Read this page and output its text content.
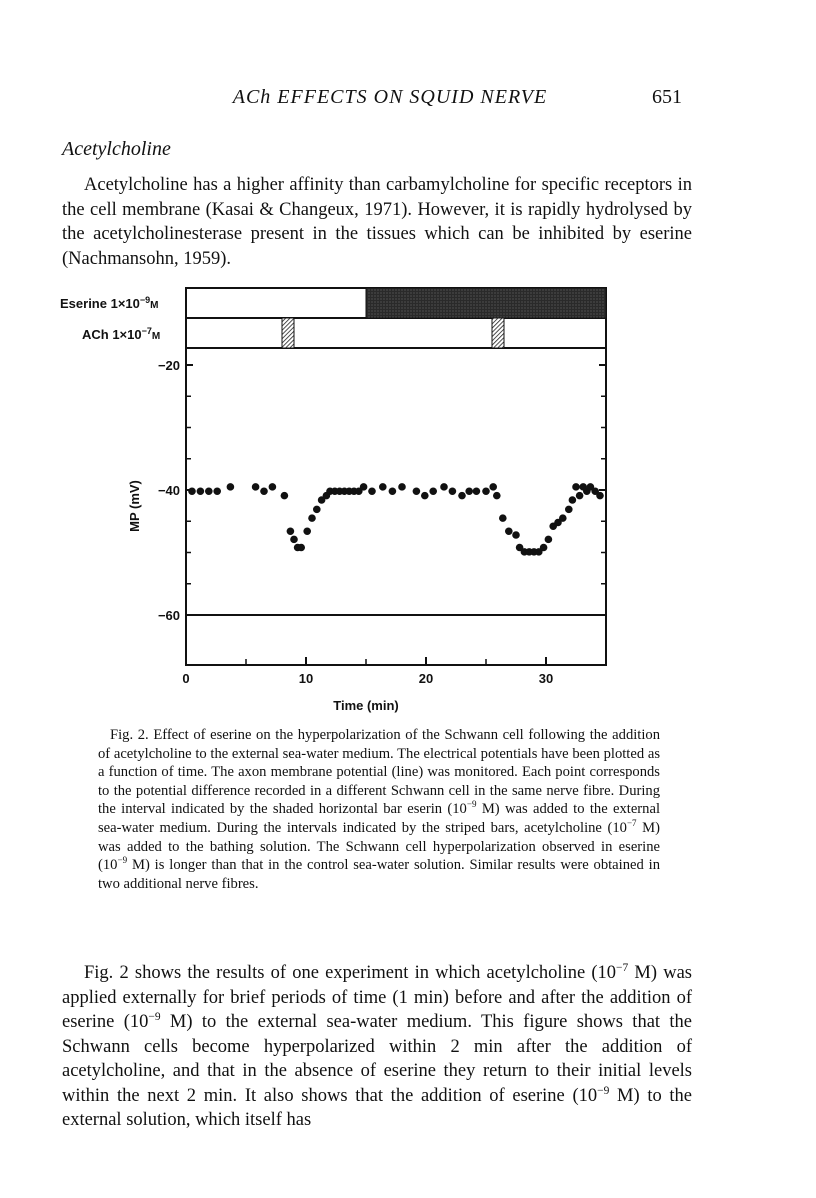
ACh EFFECTS ON SQUID NERVE	651
Acetylcholine

Acetylcholine has a higher affinity than carbamylcholine for specific receptors in the cell membrane (Kasai & Changeux, 1971). However, it is rapidly hydrolysed by the acetylcholinesterase present in the tissues which can be inhibited by eserine (Nachmansohn, 1959).

Eserine $1\times 10^{-9}_M$
ACh $1\times 10^{-7}_M$
−20
−40
−60
0	10	20	30
Time (min)
MP (mV)

Fig. 2. Effect of eserine on the hyperpolarization of the Schwann cell following the addition of acetylcholine to the external sea-water medium. The electrical potentials have been plotted as a function of time. The axon membrane potential (line) was monitored. Each point corresponds to the potential difference recorded in a different Schwann cell in the same nerve fibre. During the interval indicated by the shaded horizontal bar eserin ($10^{-9}$ M) was added to the external sea-water medium. During the intervals indicated by the striped bars, acetylcholine ($10^{-7}$ M) was added to the bathing solution. The Schwann cell hyperpolarization observed in eserine ($10^{-9}$ M) is longer than that in the control sea-water solution. Similar results were obtained in two additional nerve fibres.

Fig. 2 shows the results of one experiment in which acetylcholine ($10^{-7}$ M) was applied externally for brief periods of time (1 min) before and after the addition of eserine ($10^{-9}$ M) to the external sea-water medium. This figure shows that the Schwann cells become hyperpolarized within 2 min after the addition of acetylcholine, and that in the absence of eserine they return to their initial levels within the next 2 min. It also shows that the addition of eserine ($10^{-9}$ M) to the external solution, which itself has
